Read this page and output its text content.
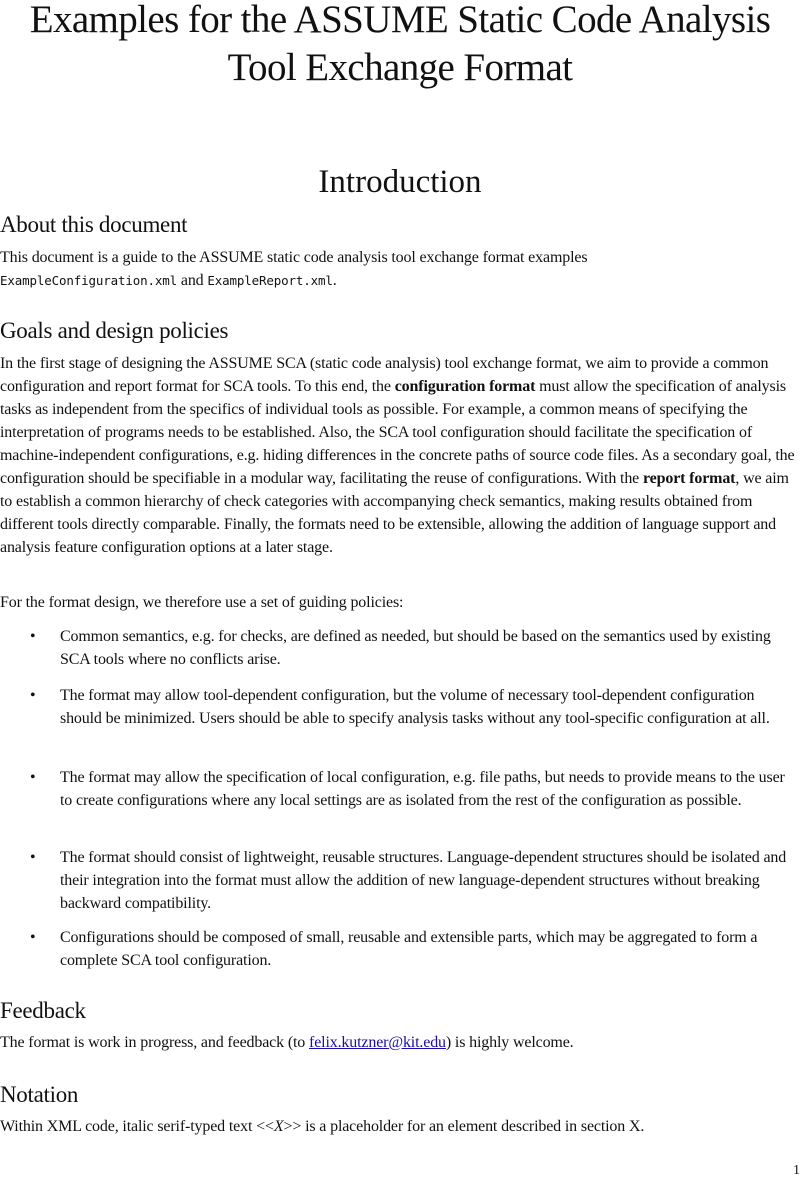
Examples for the ASSUME Static Code Analysis Tool Exchange Format
Introduction
About this document

This document is a guide to the ASSUME static code analysis tool exchange format examples
ExampleConfiguration.xml and ExampleReport.xml.

Goals and design policies

In the first stage of designing the ASSUME SCA (static code analysis) tool exchange format, we aim to provide a common configuration and report format for SCA tools. To this end, the configuration format must allow the specification of analysis tasks as independent from the specifics of individual tools as possible. For example, a common means of specifying the interpretation of programs needs to be established. Also, the SCA tool configuration should facilitate the specification of machine-independent configurations, e.g. hiding differences in the concrete paths of source code files. As a secondary goal, the configuration should be specifiable in a modular way, facilitating the reuse of configurations. With the report format, we aim to establish a common hierarchy of check categories with accompanying check semantics, making results obtained from different tools directly comparable. Finally, the formats need to be extensible, allowing the addition of language support and analysis feature configuration options at a later stage.

For the format design, we therefore use a set of guiding policies:

• Common semantics, e.g. for checks, are defined as needed, but should be based on the semantics used by existing SCA tools where no conflicts arise.
• The format may allow tool-dependent configuration, but the volume of necessary tool-dependent configuration should be minimized. Users should be able to specify analysis tasks without any tool-specific configuration at all.
• The format may allow the specification of local configuration, e.g. file paths, but needs to provide means to the user to create configurations where any local settings are as isolated from the rest of the configuration as possible.
• The format should consist of lightweight, reusable structures. Language-dependent structures should be isolated and their integration into the format must allow the addition of new language-dependent structures without breaking backward compatibility.
• Configurations should be composed of small, reusable and extensible parts, which may be aggregated to form a complete SCA tool configuration.
Feedback

The format is work in progress, and feedback (to felix.kutzner@kit.edu) is highly welcome.

Notation

Within XML code, italic serif-typed text <<X>> is a placeholder for an element described in section X.

1
